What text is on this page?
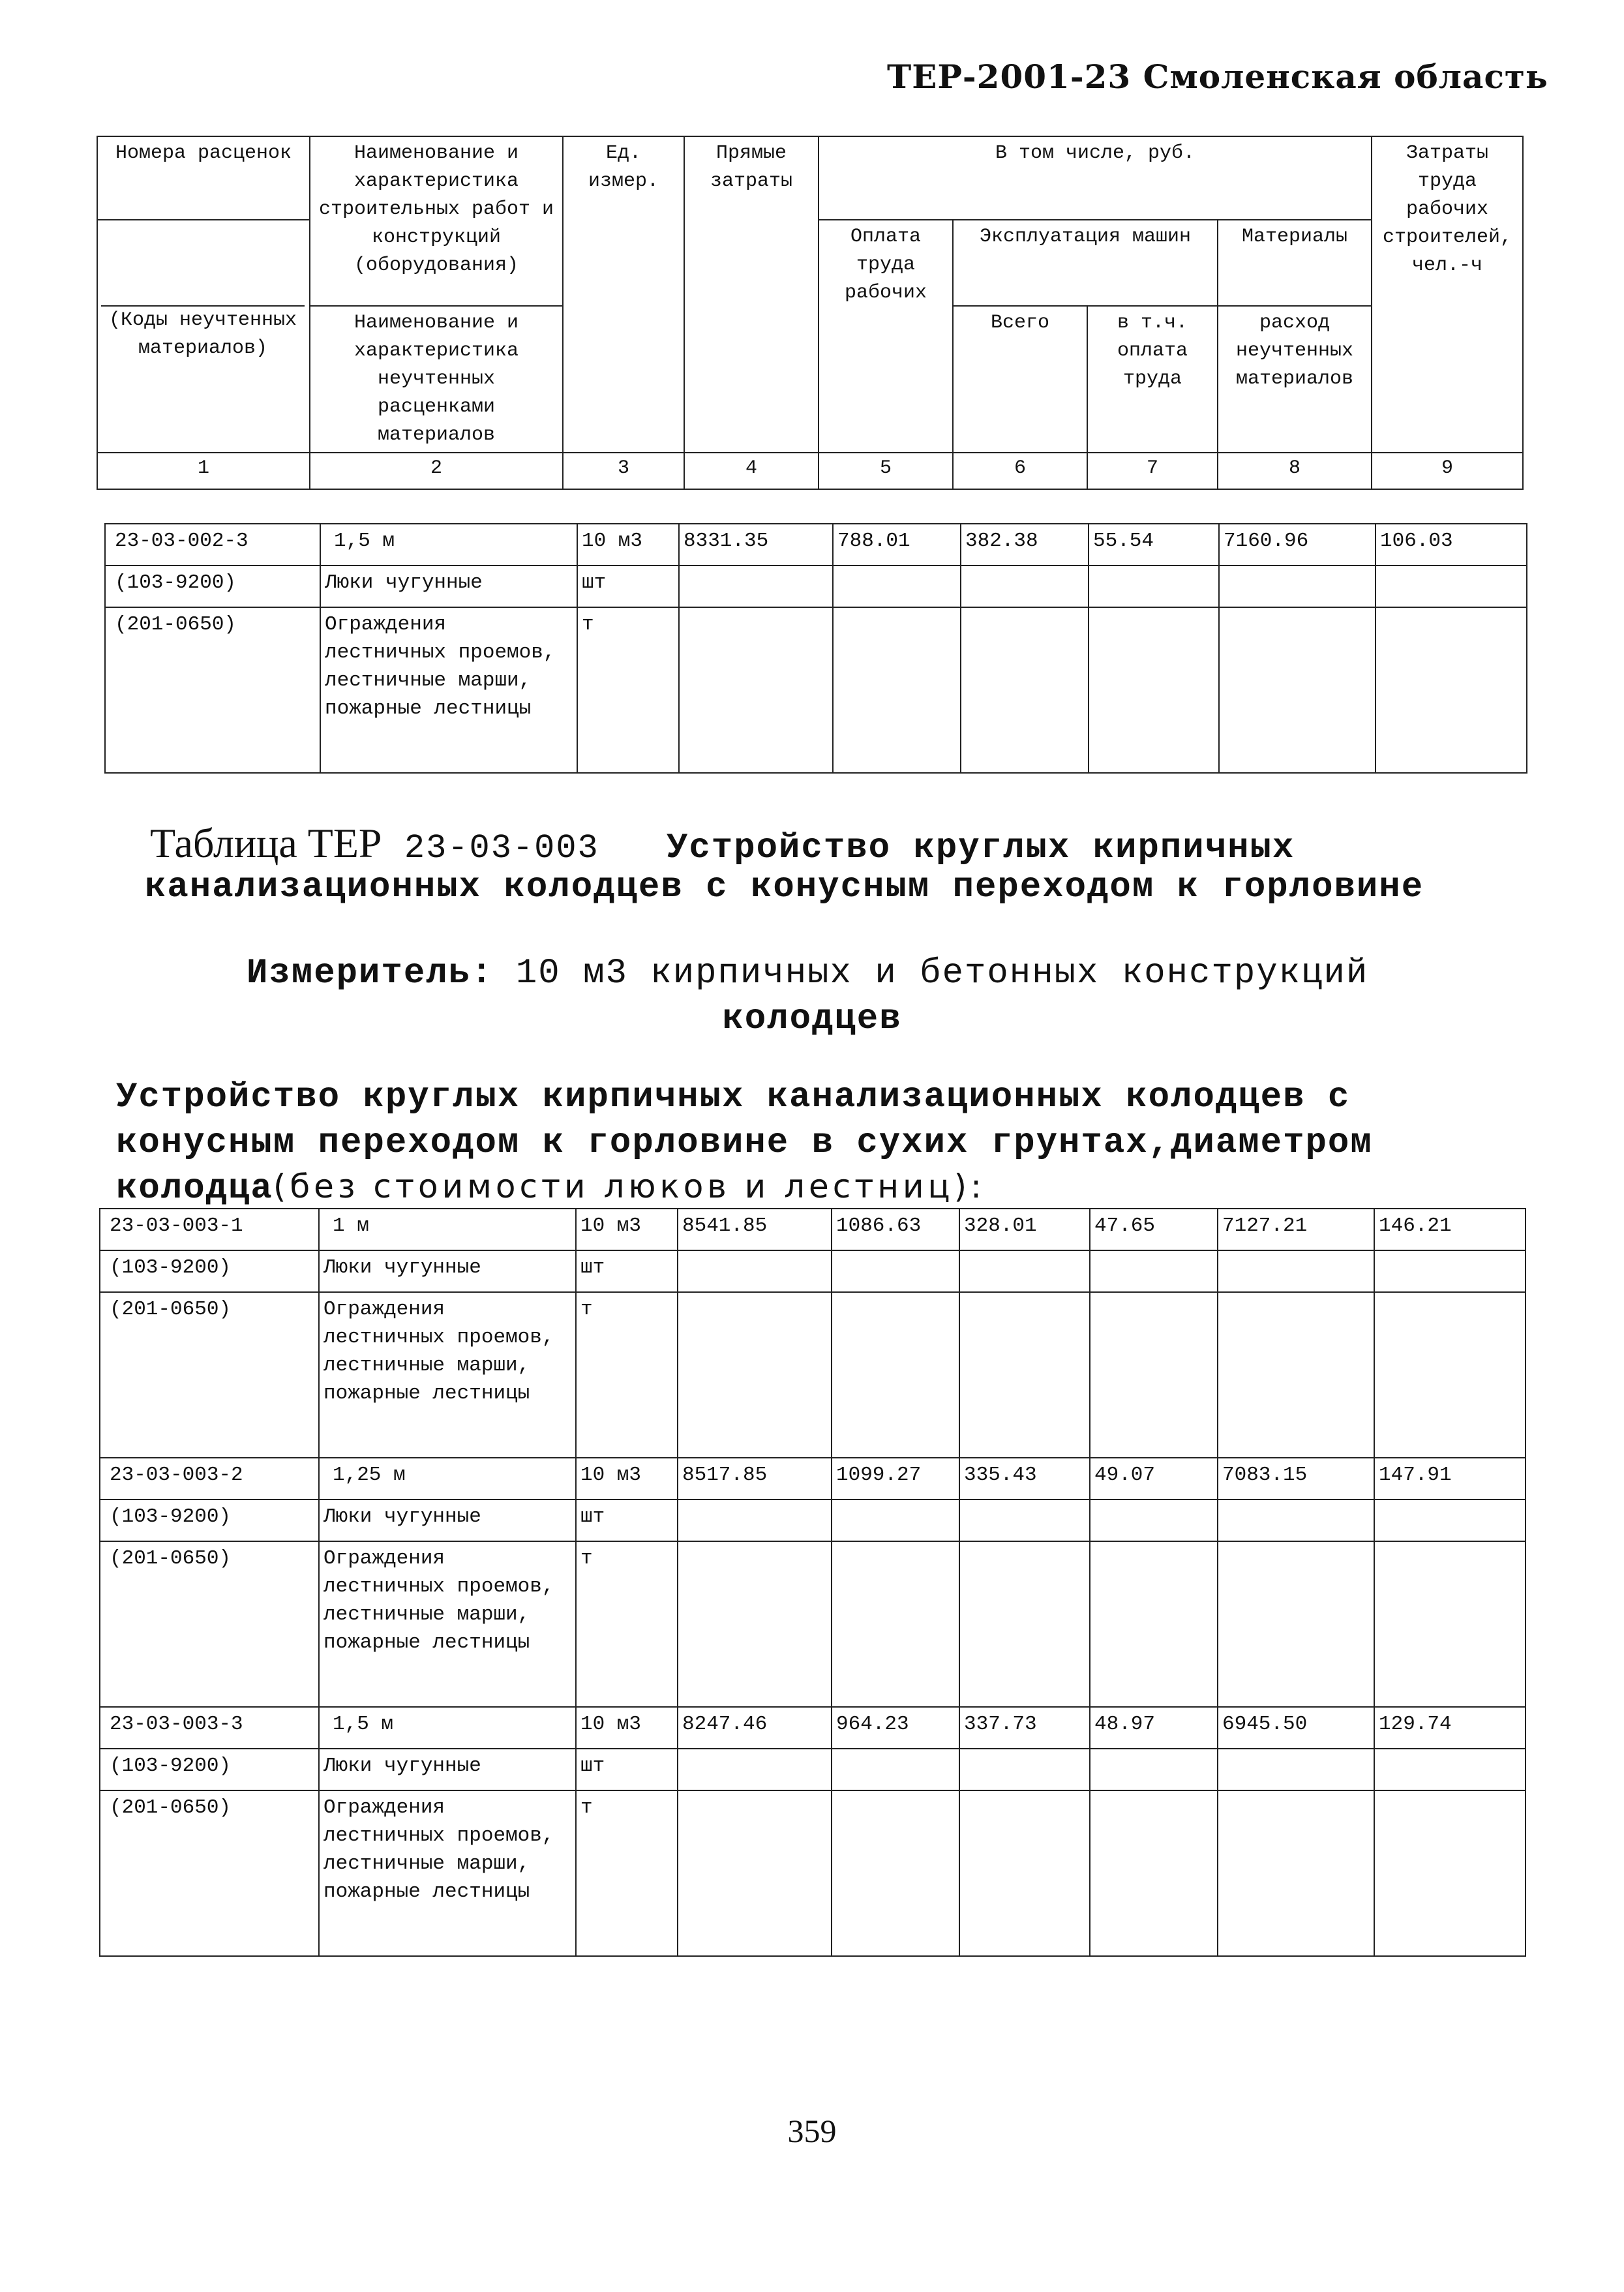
ТЕР-2001-23 Смоленская область
Номера расценок	Наименование и характеристика строительных работ и конструкций (оборудования)	Ед. измер.	Прямые затраты	В том числе, руб.				Затраты труда рабочих строителей, чел.-ч
				Оплата труда рабочих	Эксплуатация машин		Материалы	
	Наименование и характеристика неучтенных расценками материалов				Всего	в т.ч. оплата труда	расход неучтенных материалов	
1	2	3	4	5	6	7	8	9
(Коды неучтенных материалов)
23-03-002-3	1,5 м	10 м3	8331.35	788.01	382.38	55.54	7160.96	106.03
(103-9200)	Люки чугунные	шт						
(201-0650)	Ограждения лестничных проемов, лестничные марши, пожарные лестницы	т						
Таблица ТЕР 23-03-003 Устройство круглых кирпичных
канализационных колодцев с конусным переходом к горловине
Измеритель: 10 м3 кирпичных и бетонных конструкций
колодцев
Устройство круглых кирпичных канализационных колодцев с
конусным переходом к горловине в сухих грунтах,диаметром
колодца(без стоимости люков и лестниц):
23-03-003-1	1 м	10 м3	8541.85	1086.63	328.01	47.65	7127.21	146.21
(103-9200)	Люки чугунные	шт						
(201-0650)	Ограждения лестничных проемов, лестничные марши, пожарные лестницы	т						
23-03-003-2	1,25 м	10 м3	8517.85	1099.27	335.43	49.07	7083.15	147.91
(103-9200)	Люки чугунные	шт						
(201-0650)	Ограждения лестничных проемов, лестничные марши, пожарные лестницы	т						
23-03-003-3	1,5 м	10 м3	8247.46	964.23	337.73	48.97	6945.50	129.74
(103-9200)	Люки чугунные	шт						
(201-0650)	Ограждения лестничных проемов, лестничные марши, пожарные лестницы	т						
359
